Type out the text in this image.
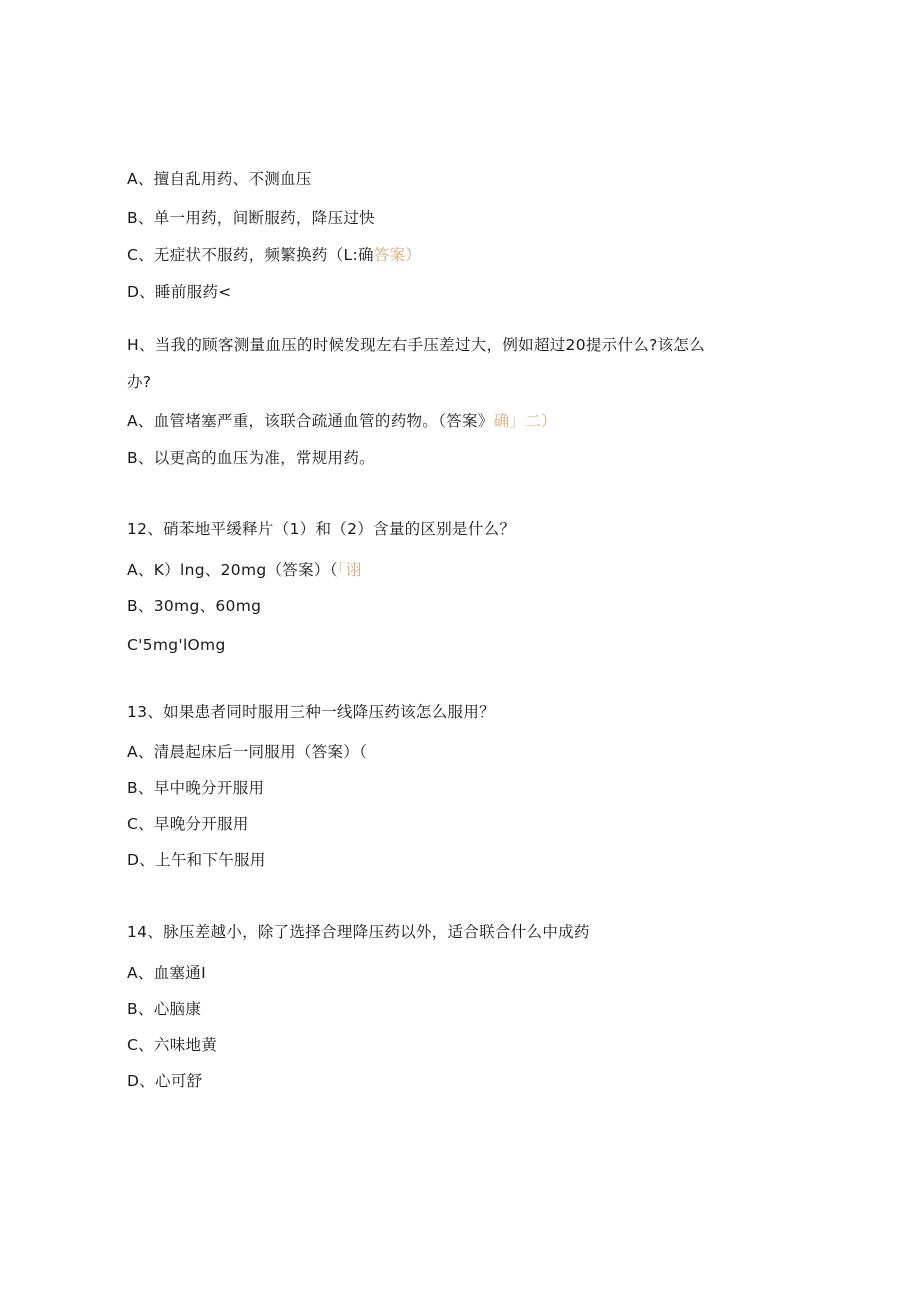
A、擅自乱用药、不测血压
B、单一用药，间断服药，降压过快
C、无症状不服药，频繁换药（L:确答案）
D、睡前服药<
H、当我的顾客测量血压的时候发现左右手压差过大，例如超过20提示什么?该怎么
办?
A、血管堵塞严重，该联合疏通血管的药物。（答案》确」二）
B、以更高的血压为准，常规用药。
12、硝苯地平缓释片（1）和（2）含量的区别是什么？
A、K）lng、20mg（答案）（「诩
B、30mg、60mg
C'5mg'lOmg
13、如果患者同时服用三种一线降压药该怎么服用？
A、清晨起床后一同服用（答案）（
B、早中晚分开服用
C、早晚分开服用
D、上午和下午服用
14、脉压差越小，除了选择合理降压药以外，适合联合什么中成药
A、血塞通I
B、心脑康
C、六味地黄
D、心可舒
